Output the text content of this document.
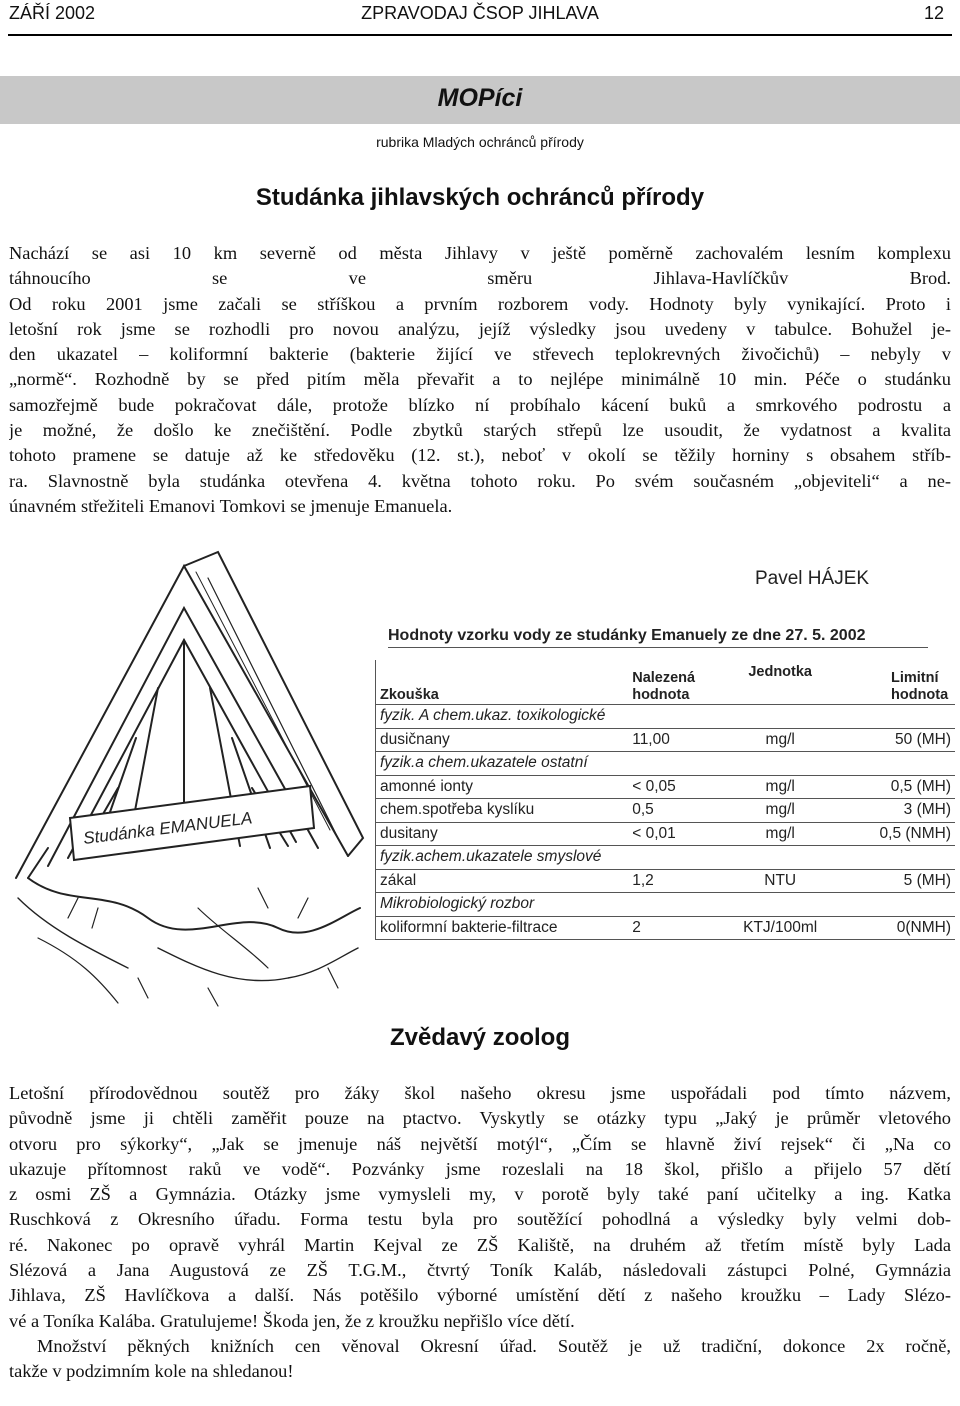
ZÁŘÍ 2002	ZPRAVODAJ ČSOP JIHLAVA	12
MOPíci
rubrika Mladých ochránců přírody
Studánka jihlavských ochránců přírody
Nachází se asi 10 km severně od města Jihlavy v ještě poměrně zachovalém lesním komplexu
táhnoucího se ve směru Jihlava-Havlíčkův Brod.
Od roku 2001 jsme začali se stříškou a prvním rozborem vody. Hodnoty byly vynikající. Proto i
letošní rok jsme se rozhodli pro novou analýzu, jejíž výsledky jsou uvedeny v tabulce. Bohužel je-
den ukazatel – koliformní bakterie (bakterie žijící ve střevech teplokrevných živočichů) – nebyly v
„normě“. Rozhodně by se před pitím měla převařit a to nejlépe minimálně 10 min. Péče o studánku
samozřejmě bude pokračovat dále, protože blízko ní probíhalo kácení buků a smrkového podrostu a
je možné, že došlo ke znečištění. Podle zbytků starých střepů lze usoudit, že vydatnost a kvalita
tohoto pramene se datuje až ke středověku (12. st.), neboť v okolí se těžily horniny s obsahem stříb-
ra. Slavnostně byla studánka otevřena 4. května tohoto roku. Po svém současném „objeviteli“ a ne-
únavném střežiteli Emanovi Tomkovi se jmenuje Emanuela.
Studánka EMANUELA
Pavel HÁJEK
Hodnoty vzorku vody ze studánky Emanuely ze dne 27. 5. 2002
Zkouška	Nalezená hodnota	Jednotka	Limitní hodnota
fyzik. A chem.ukaz. toxikologické			
dusičnany	11,00	mg/l	50 (MH)
fyzik.a chem.ukazatele ostatní			
amonné ionty	< 0,05	mg/l	0,5 (MH)
chem.spotřeba kyslíku	0,5	mg/l	3 (MH)
dusitany	< 0,01	mg/l	0,5 (NMH)
fyzik.achem.ukazatele smyslové			
zákal	1,2	NTU	5 (MH)
Mikrobiologický rozbor			
koliformní bakterie-filtrace	2	KTJ/100ml	0(NMH)
Zvědavý zoolog
Letošní přírodovědnou soutěž pro žáky škol našeho okresu jsme uspořádali pod tímto názvem,
původně jsme ji chtěli zaměřit pouze na ptactvo. Vyskytly se otázky typu „Jaký je průměr vletového
otvoru pro sýkorky“, „Jak se jmenuje náš největší motýl“, „Čím se hlavně živí rejsek“ či „Na co
ukazuje přítomnost raků ve vodě“. Pozvánky jsme rozeslali na 18 škol, přišlo a přijelo 57 dětí
z osmi ZŠ a Gymnázia. Otázky jsme vymysleli my, v porotě byly také paní učitelky a ing. Katka
Ruschková z Okresního úřadu. Forma testu byla pro soutěžící pohodlná a výsledky byly velmi dob-
ré. Nakonec po opravě vyhrál Martin Kejval ze ZŠ Kaliště, na druhém až třetím místě byly Lada
Slézová a Jana Augustová ze ZŠ T.G.M., čtvrtý Toník Kaláb, následovali zástupci Polné, Gymnázia
Jihlava, ZŠ Havlíčkova a další. Nás potěšilo výborné umístění dětí z našeho kroužku – Lady Slézo-
vé a Toníka Kalába. Gratulujeme! Škoda jen, že z kroužku nepřišlo více dětí.
Množství pěkných knižních cen věnoval Okresní úřad. Soutěž je už tradiční, dokonce 2x ročně,
takže v podzimním kole na shledanou!
